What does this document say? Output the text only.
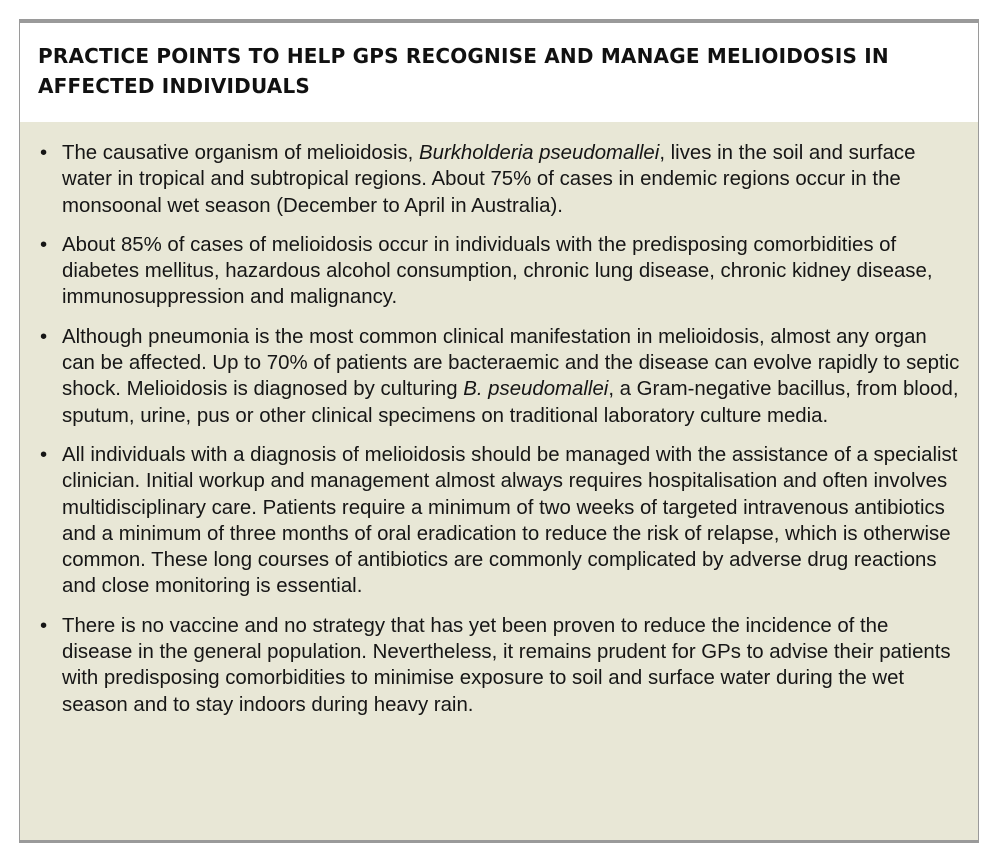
PRACTICE POINTS TO HELP GPS RECOGNISE AND MANAGE MELIOIDOSIS IN AFFECTED INDIVIDUALS
• The causative organism of melioidosis, Burkholderia pseudomallei, lives in the soil and surface water in tropical and subtropical regions. About 75% of cases in endemic regions occur in the monsoonal wet season (December to April in Australia).
• About 85% of cases of melioidosis occur in individuals with the predisposing comorbidities of diabetes mellitus, hazardous alcohol consumption, chronic lung disease, chronic kidney disease, immunosuppression and malignancy.
• Although pneumonia is the most common clinical manifestation in melioidosis, almost any organ can be affected. Up to 70% of patients are bacteraemic and the disease can evolve rapidly to septic shock. Melioidosis is diagnosed by culturing B. pseudomallei, a Gram-negative bacillus, from blood, sputum, urine, pus or other clinical specimens on traditional laboratory culture media.
• All individuals with a diagnosis of melioidosis should be managed with the assistance of a specialist clinician. Initial workup and management almost always requires hospitalisation and often involves multidisciplinary care. Patients require a minimum of two weeks of targeted intravenous antibiotics and a minimum of three months of oral eradication to reduce the risk of relapse, which is otherwise common. These long courses of antibiotics are commonly complicated by adverse drug reactions and close monitoring is essential.
• There is no vaccine and no strategy that has yet been proven to reduce the incidence of the disease in the general population. Nevertheless, it remains prudent for GPs to advise their patients with predisposing comorbidities to minimise exposure to soil and surface water during the wet season and to stay indoors during heavy rain.
